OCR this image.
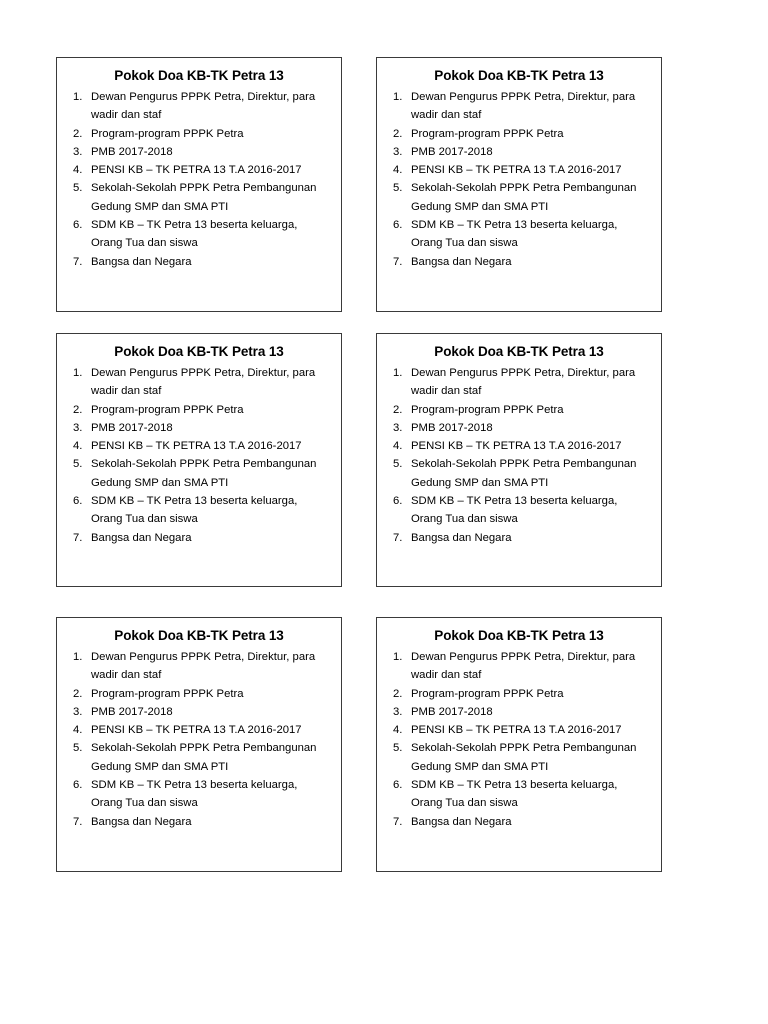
Pokok Doa KB-TK Petra 13
1. Dewan Pengurus PPPK Petra, Direktur, para wadir dan staf
2. Program-program PPPK Petra
3. PMB 2017-2018
4. PENSI KB – TK PETRA 13 T.A 2016-2017
5. Sekolah-Sekolah PPPK Petra Pembangunan Gedung SMP dan SMA PTI
6. SDM KB – TK Petra 13 beserta keluarga, Orang Tua dan siswa
7. Bangsa dan Negara
Pokok Doa KB-TK Petra 13
1. Dewan Pengurus PPPK Petra, Direktur, para wadir dan staf
2. Program-program PPPK Petra
3. PMB 2017-2018
4. PENSI KB – TK PETRA 13 T.A 2016-2017
5. Sekolah-Sekolah PPPK Petra Pembangunan Gedung SMP dan SMA PTI
6. SDM KB – TK Petra 13 beserta keluarga, Orang Tua dan siswa
7. Bangsa dan Negara
Pokok Doa KB-TK Petra 13
1. Dewan Pengurus PPPK Petra, Direktur, para wadir dan staf
2. Program-program PPPK Petra
3. PMB 2017-2018
4. PENSI KB – TK PETRA 13 T.A 2016-2017
5. Sekolah-Sekolah PPPK Petra Pembangunan Gedung SMP dan SMA PTI
6. SDM KB – TK Petra 13 beserta keluarga, Orang Tua dan siswa
7. Bangsa dan Negara
Pokok Doa KB-TK Petra 13
1. Dewan Pengurus PPPK Petra, Direktur, para wadir dan staf
2. Program-program PPPK Petra
3. PMB 2017-2018
4. PENSI KB – TK PETRA 13 T.A 2016-2017
5. Sekolah-Sekolah PPPK Petra Pembangunan Gedung SMP dan SMA PTI
6. SDM KB – TK Petra 13 beserta keluarga, Orang Tua dan siswa
7. Bangsa dan Negara
Pokok Doa KB-TK Petra 13
1. Dewan Pengurus PPPK Petra, Direktur, para wadir dan staf
2. Program-program PPPK Petra
3. PMB 2017-2018
4. PENSI KB – TK PETRA 13 T.A 2016-2017
5. Sekolah-Sekolah PPPK Petra Pembangunan Gedung SMP dan SMA PTI
6. SDM KB – TK Petra 13 beserta keluarga, Orang Tua dan siswa
7. Bangsa dan Negara
Pokok Doa KB-TK Petra 13
1. Dewan Pengurus PPPK Petra, Direktur, para wadir dan staf
2. Program-program PPPK Petra
3. PMB 2017-2018
4. PENSI KB – TK PETRA 13 T.A 2016-2017
5. Sekolah-Sekolah PPPK Petra Pembangunan Gedung SMP dan SMA PTI
6. SDM KB – TK Petra 13 beserta keluarga, Orang Tua dan siswa
7. Bangsa dan Negara
